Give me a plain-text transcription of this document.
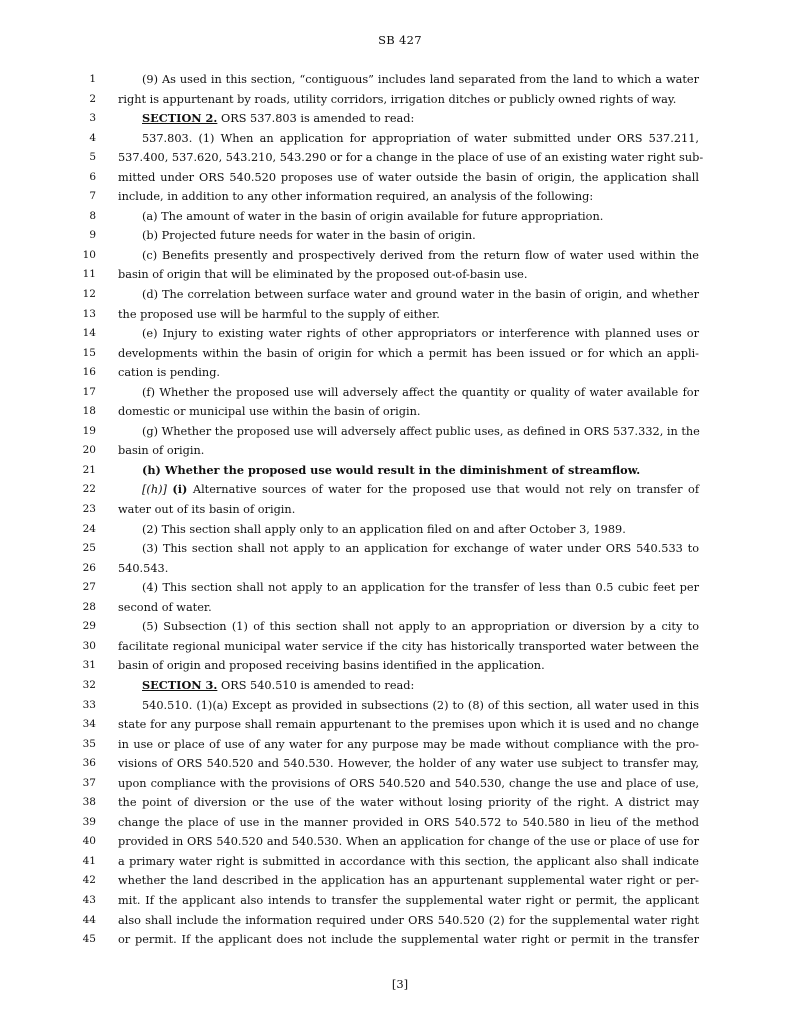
SB 427
1	(9) As used in this section, “contiguous” includes land separated from the land to which a water
2 right is appurtenant by roads, utility corridors, irrigation ditches or publicly owned rights of way.
3	SECTION 2. ORS 537.803 is amended to read:
4	537.803. (1) When an application for appropriation of water submitted under ORS 537.211,
5 537.400, 537.620, 543.210, 543.290 or for a change in the place of use of an existing water right sub-
6 mitted under ORS 540.520 proposes use of water outside the basin of origin, the application shall
7 include, in addition to any other information required, an analysis of the following:
8	(a) The amount of water in the basin of origin available for future appropriation.
9	(b) Projected future needs for water in the basin of origin.
10	(c) Benefits presently and prospectively derived from the return flow of water used within the
11 basin of origin that will be eliminated by the proposed out-of-basin use.
12	(d) The correlation between surface water and ground water in the basin of origin, and whether
13 the proposed use will be harmful to the supply of either.
14	(e) Injury to existing water rights of other appropriators or interference with planned uses or
15 developments within the basin of origin for which a permit has been issued or for which an appli-
16 cation is pending.
17	(f) Whether the proposed use will adversely affect the quantity or quality of water available for
18 domestic or municipal use within the basin of origin.
19	(g) Whether the proposed use will adversely affect public uses, as defined in ORS 537.332, in the
20 basin of origin.
21	(h) Whether the proposed use would result in the diminishment of streamflow.
22	[(h)] (i) Alternative sources of water for the proposed use that would not rely on transfer of
23 water out of its basin of origin.
24	(2) This section shall apply only to an application filed on and after October 3, 1989.
25	(3) This section shall not apply to an application for exchange of water under ORS 540.533 to
26 540.543.
27	(4) This section shall not apply to an application for the transfer of less than 0.5 cubic feet per
28 second of water.
29	(5) Subsection (1) of this section shall not apply to an appropriation or diversion by a city to
30 facilitate regional municipal water service if the city has historically transported water between the
31 basin of origin and proposed receiving basins identified in the application.
32	SECTION 3. ORS 540.510 is amended to read:
33	540.510. (1)(a) Except as provided in subsections (2) to (8) of this section, all water used in this
34 state for any purpose shall remain appurtenant to the premises upon which it is used and no change
35 in use or place of use of any water for any purpose may be made without compliance with the pro-
36 visions of ORS 540.520 and 540.530. However, the holder of any water use subject to transfer may,
37 upon compliance with the provisions of ORS 540.520 and 540.530, change the use and place of use,
38 the point of diversion or the use of the water without losing priority of the right. A district may
39 change the place of use in the manner provided in ORS 540.572 to 540.580 in lieu of the method
40 provided in ORS 540.520 and 540.530. When an application for change of the use or place of use for
41 a primary water right is submitted in accordance with this section, the applicant also shall indicate
42 whether the land described in the application has an appurtenant supplemental water right or per-
43 mit. If the applicant also intends to transfer the supplemental water right or permit, the applicant
44 also shall include the information required under ORS 540.520 (2) for the supplemental water right
45 or permit. If the applicant does not include the supplemental water right or permit in the transfer
[3]
